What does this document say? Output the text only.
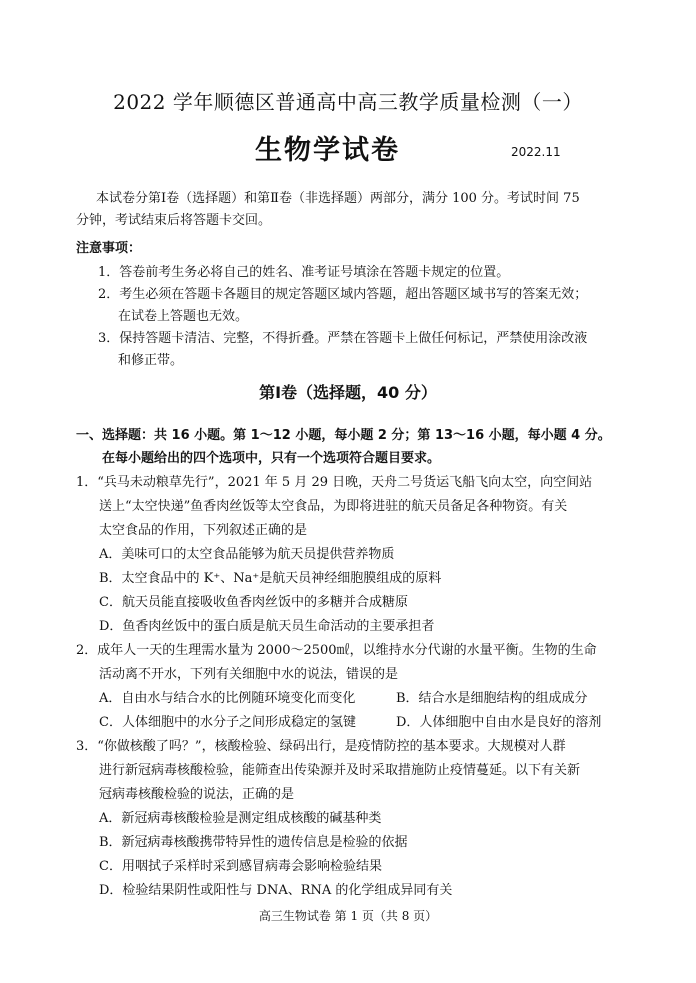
2022 学年顺德区普通高中高三教学质量检测（一）
生物学试卷	2022.11
本试卷分第Ⅰ卷（选择题）和第Ⅱ卷（非选择题）两部分，满分 100 分。考试时间 75
分钟，考试结束后将答题卡交回。
注意事项：
1．答卷前考生务必将自己的姓名、准考证号填涂在答题卡规定的位置。
2．考生必须在答题卡各题目的规定答题区域内答题，超出答题区域书写的答案无效；
在试卷上答题也无效。
3．保持答题卡清洁、完整，不得折叠。严禁在答题卡上做任何标记，严禁使用涂改液
和修正带。
第Ⅰ卷（选择题，40 分）
一、选择题：共 16 小题。第 1～12 小题，每小题 2 分；第 13～16 小题，每小题 4 分。
在每小题给出的四个选项中，只有一个选项符合题目要求。
1．“兵马未动粮草先行”，2021 年 5 月 29 日晚，天舟二号货运飞船飞向太空，向空间站
送上“太空快递”鱼香肉丝饭等太空食品，为即将进驻的航天员备足各种物资。有关
太空食品的作用，下列叙述正确的是
A．美味可口的太空食品能够为航天员提供营养物质
B．太空食品中的 K⁺、Na⁺是航天员神经细胞膜组成的原料
C．航天员能直接吸收鱼香肉丝饭中的多糖并合成糖原
D．鱼香肉丝饭中的蛋白质是航天员生命活动的主要承担者
2．成年人一天的生理需水量为 2000～2500㎖，以维持水分代谢的水量平衡。生物的生命
活动离不开水，下列有关细胞中水的说法，错误的是
A．自由水与结合水的比例随环境变化而变化	B．结合水是细胞结构的组成成分
C．人体细胞中的水分子之间形成稳定的氢键	D．人体细胞中自由水是良好的溶剂
3．“你做核酸了吗？”，核酸检验、绿码出行，是疫情防控的基本要求。大规模对人群
进行新冠病毒核酸检验，能筛查出传染源并及时采取措施防止疫情蔓延。以下有关新
冠病毒核酸检验的说法，正确的是
A．新冠病毒核酸检验是测定组成核酸的碱基种类
B．新冠病毒核酸携带特异性的遗传信息是检验的依据
C．用咽拭子采样时采到感冒病毒会影响检验结果
D．检验结果阴性或阳性与 DNA、RNA 的化学组成异同有关
高三生物试卷 第 1 页（共 8 页）
